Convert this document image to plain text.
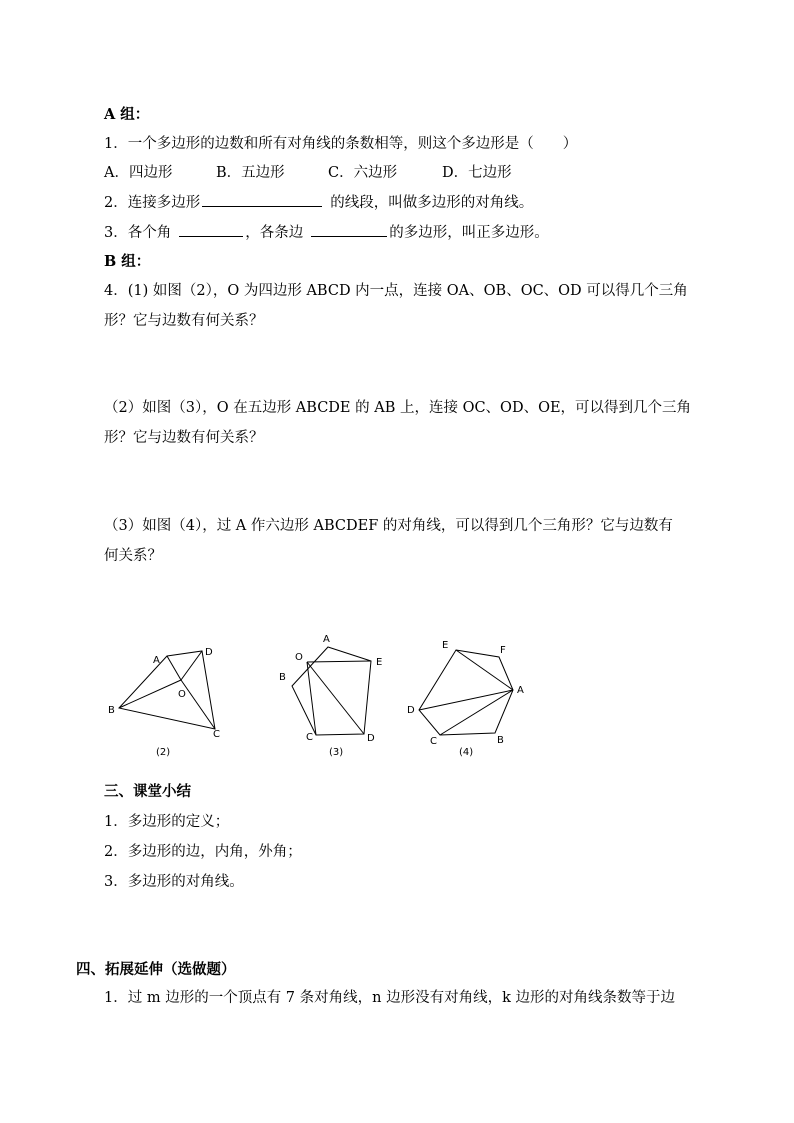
A 组：
1．一个多边形的边数和所有对角线的条数相等，则这个多边形是（　　）
A．四边形	B．五边形	C．六边形	D．七边形
2．连接多边形	的线段，叫做多边形的对角线。
3．各个角	，各条边	的多边形，叫正多边形。
B 组：
4．(1) 如图（2），O 为四边形 ABCD 内一点，连接 OA、OB、OC、OD 可以得几个三角
形？它与边数有何关系？
（2）如图（3），O 在五边形 ABCDE 的 AB 上，连接 OC、OD、OE，可以得到几个三角
形？它与边数有何关系？
（3）如图（4），过 A 作六边形 ABCDEF 的对角线，可以得到几个三角形？它与边数有
何关系？
A
D
O
B
C
(2)
A
O	E
B
C	D
(3)
E	F
A
D
C	B
(4)
三、课堂小结
1．多边形的定义；
2．多边形的边，内角，外角；
3．多边形的对角线。
四、拓展延伸（选做题）
1．过 m 边形的一个顶点有 7 条对角线，n 边形没有对角线，k 边形的对角线条数等于边
